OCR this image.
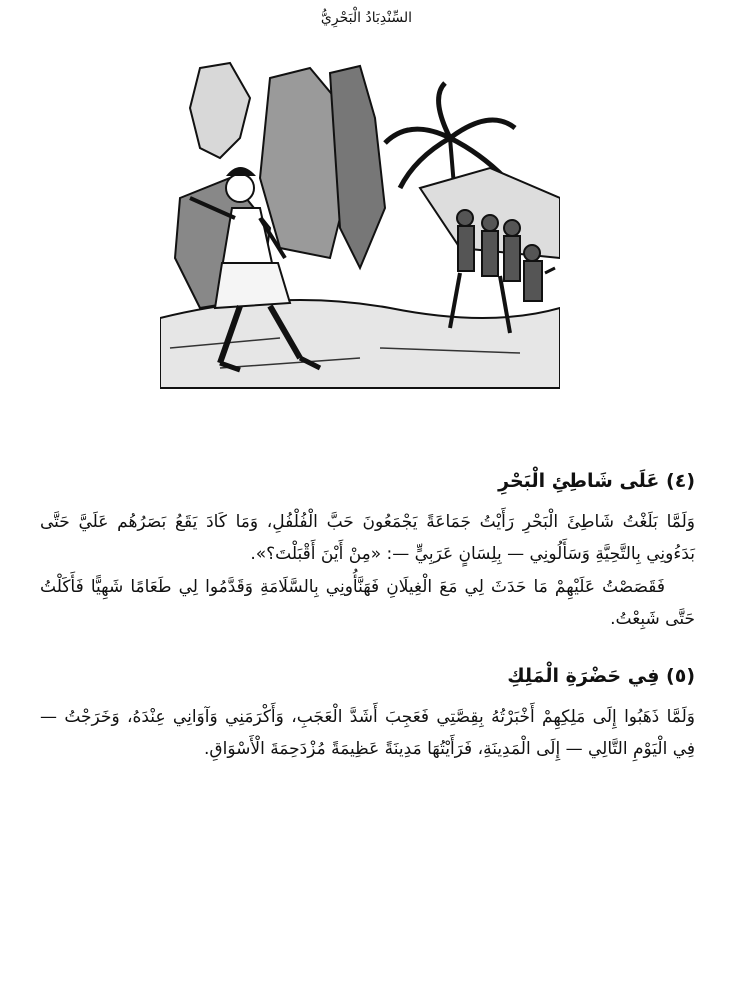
السِّنْدِبَادُ الْبَحْرِيُّ
(٤) عَلَى شَاطِئِ الْبَحْرِ

وَلَمَّا بَلَغْتُ شَاطِئَ الْبَحْرِ رَأَيْتُ جَمَاعَةً يَجْمَعُونَ حَبَّ الْفُلْفُلِ، وَمَا كَادَ يَقَعُ بَصَرُهُم عَلَيَّ حَتَّى بَدَءُونِي بِالتَّحِيَّةِ وَسَأَلُونِي — بِلِسَانٍ عَرَبِيٍّ —: «مِنْ أَيْنَ أَقْبَلْتَ؟».

فَقَصَصْتُ عَلَيْهِمْ مَا حَدَثَ لِي مَعَ الْغِيلَانِ فَهَنَّأُونِي بِالسَّلَامَةِ وَقَدَّمُوا لِي طَعَامًا شَهِيًّا فَأَكَلْتُ حَتَّى شَبِعْتُ.

(٥) فِي حَضْرَةِ الْمَلِكِ

وَلَمَّا ذَهَبُوا إِلَى مَلِكِهِمْ أَخْبَرْتُهُ بِقِصَّتِي فَعَجِبَ أَشَدَّ الْعَجَبِ، وَأَكْرَمَنِي وَآوَانِي عِنْدَهُ، وَخَرَجْتُ — فِي الْيَوْمِ التَّالِي — إِلَى الْمَدِينَةِ، فَرَأَيْتُهَا مَدِينَةً عَظِيمَةً مُزْدَحِمَةَ الْأَسْوَاقِ.
